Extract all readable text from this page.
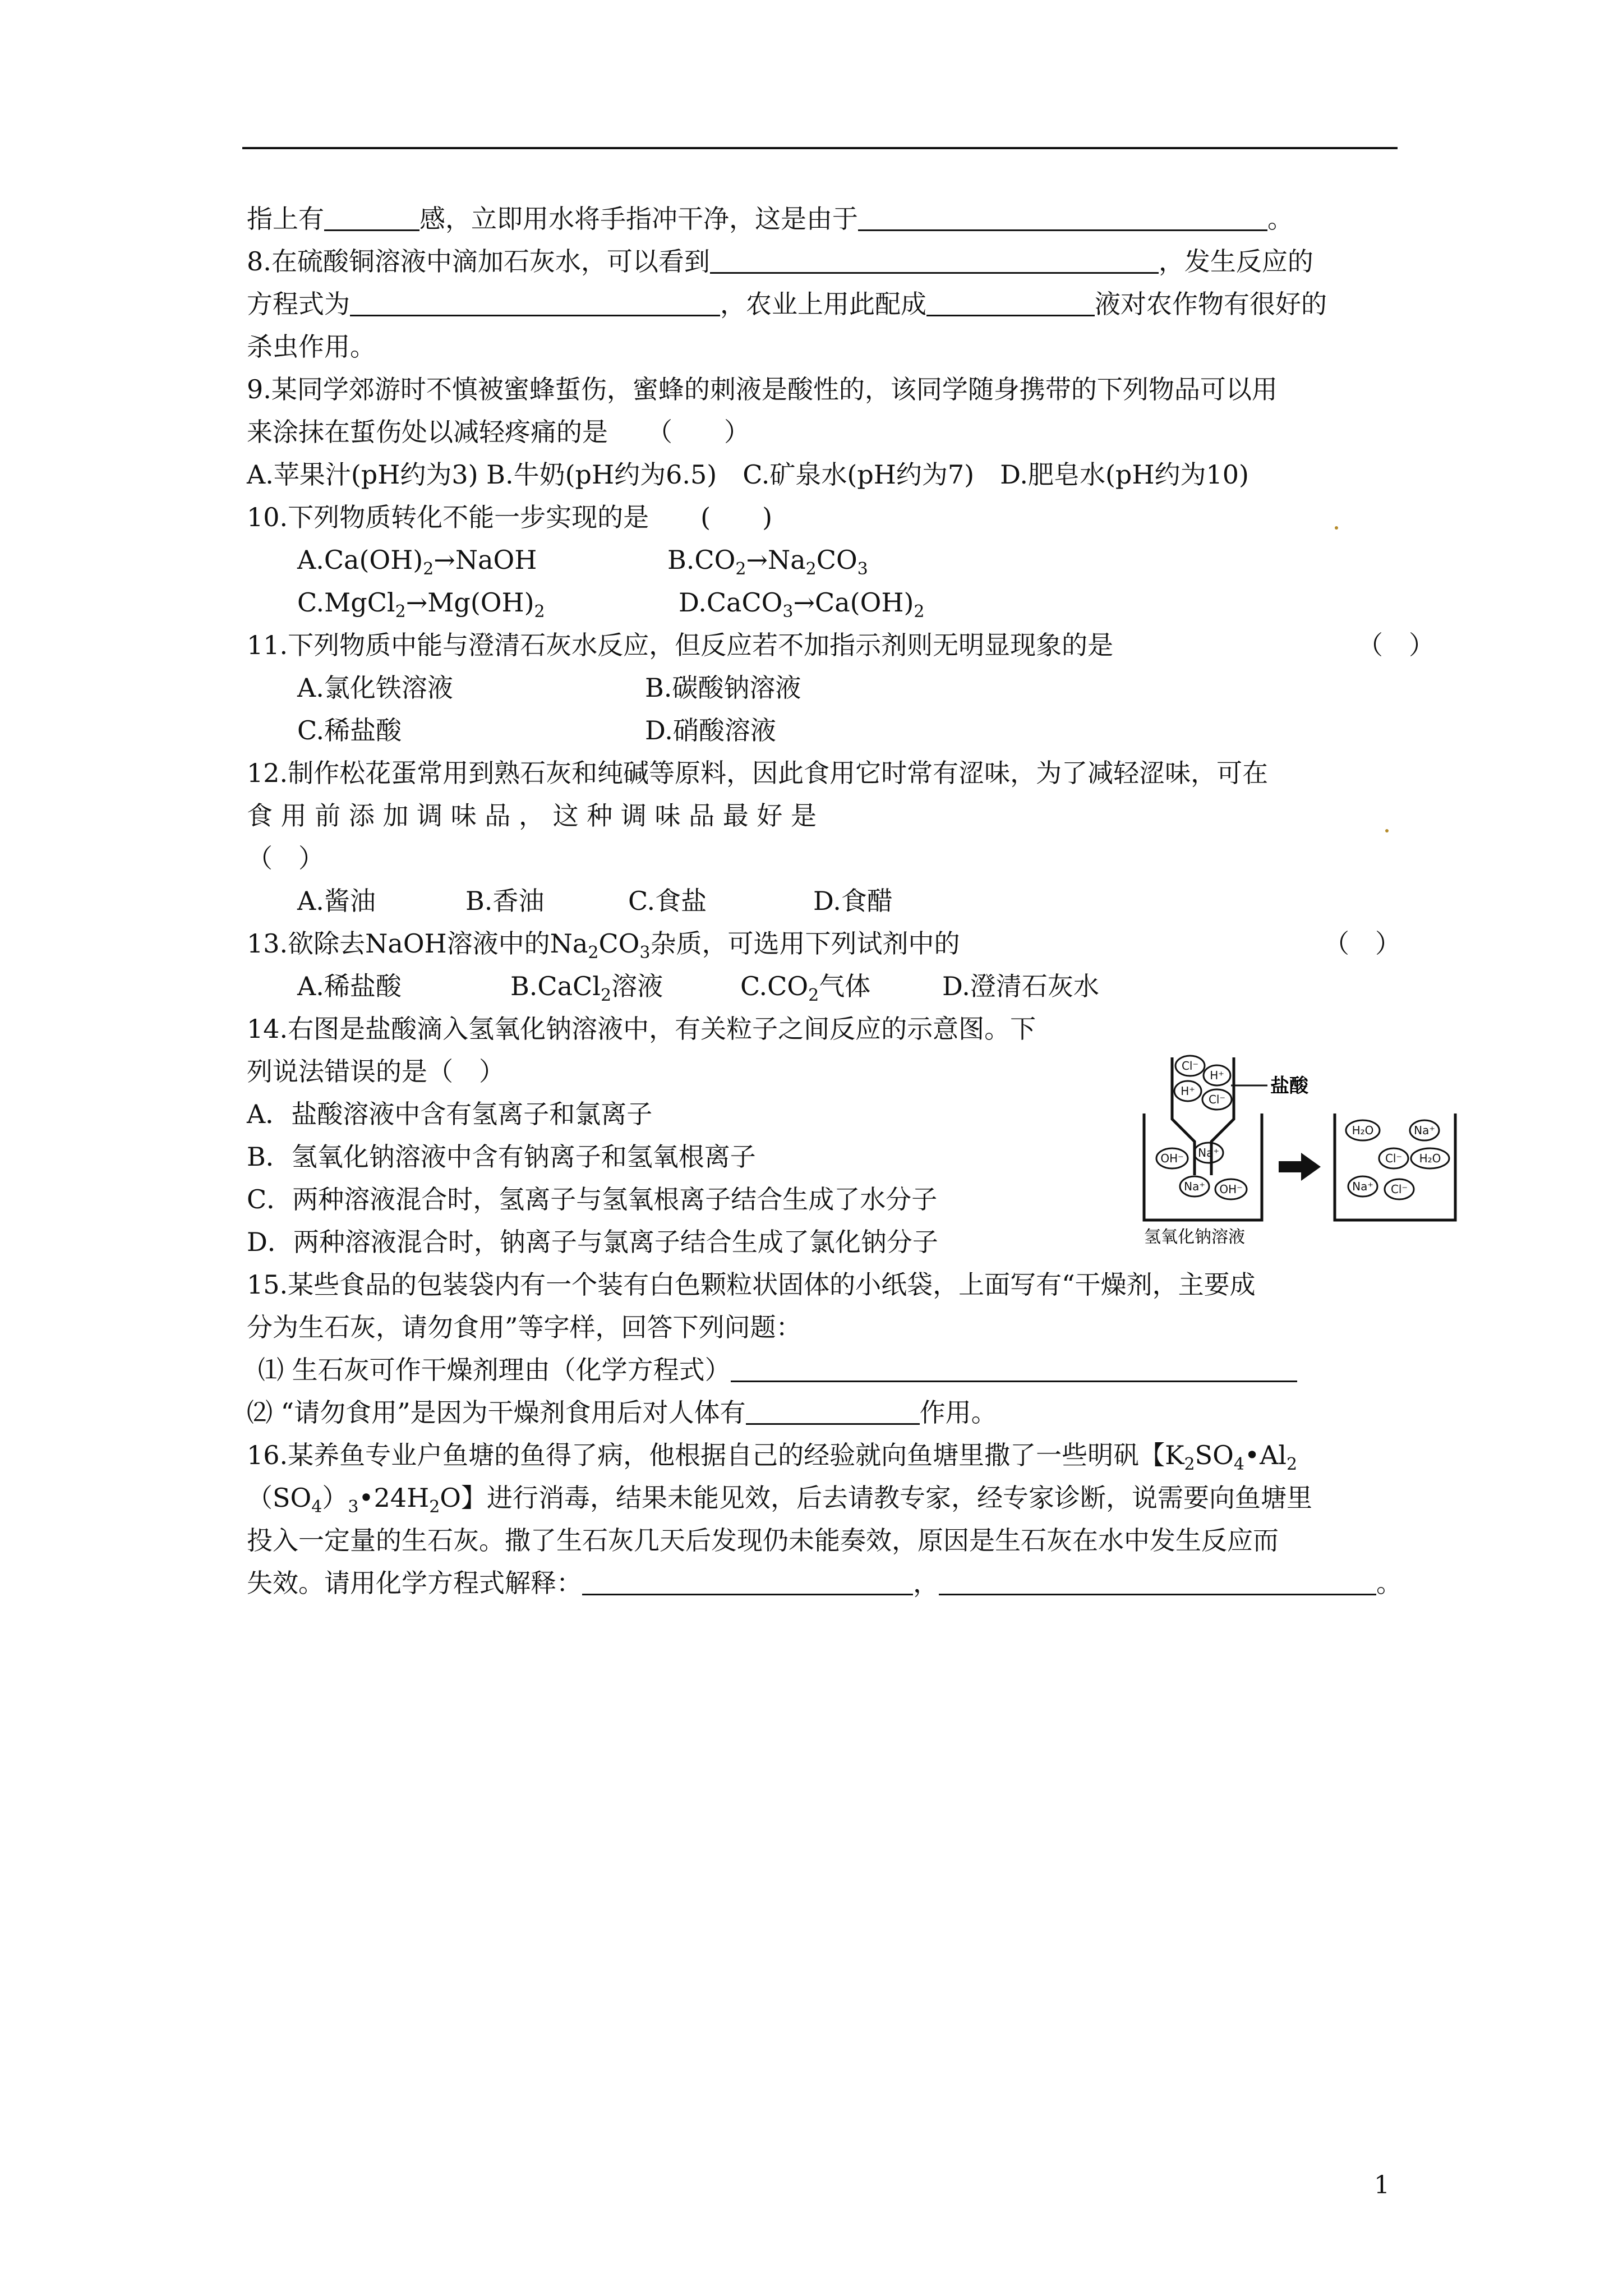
指上有	感，立即用水将手指冲干净，这是由于	。
8.在硫酸铜溶液中滴加石灰水，可以看到	，发生反应的
方程式为	，农业上用此配成	液对农作物有很好的
杀虫作用。
9.某同学郊游时不慎被蜜蜂蜇伤，蜜蜂的刺液是酸性的，该同学随身携带的下列物品可以用
来涂抹在蜇伤处以减轻疼痛的是　　（　　）
A.苹果汁(pH约为3) B.牛奶(pH约为6.5)　C.矿泉水(pH约为7)　D.肥皂水(pH约为10)
10.下列物质转化不能一步实现的是　　(　　)
$A.Ca(OH)_2\to NaOH$	$B.CO_2\to Na_2CO_3$
$C.MgCl_2\to Mg(OH)_2$	$D.CaCO_3\to Ca(OH)_2$
11.下列物质中能与澄清石灰水反应，但反应若不加指示剂则无明显现象的是	（　）
A.氯化铁溶液	B.碳酸钠溶液
C.稀盐酸	D.硝酸溶液
12.制作松花蛋常用到熟石灰和纯碱等原料，因此食用它时常有涩味，为了减轻涩味，可在
食 用 前 添 加 调 味 品 ， 这 种 调 味 品 最 好 是
（　）
A.酱油	B.香油	C.食盐	D.食醋
13.欲除去NaOH溶液中的$Na_2CO_3$杂质，可选用下列试剂中的	（　）
A.稀盐酸	B.CaCl$_2$溶液	$C.CO_2$气体	D.澄清石灰水
14.右图是盐酸滴入氢氧化钠溶液中，有关粒子之间反应的示意图。下
列说法错误的是（　）
A．盐酸溶液中含有氢离子和氯离子
B．氢氧化钠溶液中含有钠离子和氢氧根离子
C．两种溶液混合时，氢离子与氢氧根离子结合生成了水分子
D．两种溶液混合时，钠离子与氯离子结合生成了氯化钠分子
Cl⁻
H⁺
H⁺
Cl⁻
OH⁻ Na⁺
Na⁺ OH⁻
H₂O	Na⁺
Cl⁻ H₂O
Na⁺ Cl⁻
盐酸
氢氧化钠溶液
15.某些食品的包装袋内有一个装有白色颗粒状固体的小纸袋，上面写有“干燥剂，主要成
分为生石灰，请勿食用”等字样，回答下列问题：
⑴ 生石灰可作干燥剂理由（化学方程式）
⑵ “请勿食用”是因为干燥剂食用后对人体有	作用。
16.某养鱼专业户鱼塘的鱼得了病，他根据自己的经验就向鱼塘里撒了一些明矾【$K_2SO_4•Al_2$
$(SO_4)_3•24H_2O$】进行消毒，结果未能见效，后去请教专家，经专家诊断，说需要向鱼塘里
投入一定量的生石灰。撒了生石灰几天后发现仍未能奏效，原因是生石灰在水中发生反应而
失效。请用化学方程式解释：	，	。
1
